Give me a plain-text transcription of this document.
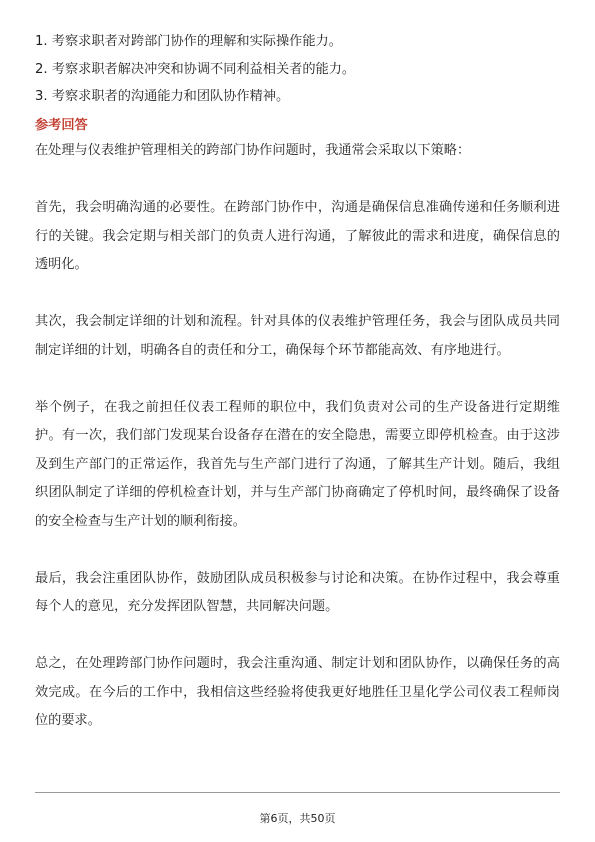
1. 考察求职者对跨部门协作的理解和实际操作能力。
2. 考察求职者解决冲突和协调不同利益相关者的能力。
3. 考察求职者的沟通能力和团队协作精神。
参考回答

在处理与仪表维护管理相关的跨部门协作问题时，我通常会采取以下策略：

首先，我会明确沟通的必要性。在跨部门协作中，沟通是确保信息准确传递和任务顺利进行的关键。我会定期与相关部门的负责人进行沟通，了解彼此的需求和进度，确保信息的透明化。

其次，我会制定详细的计划和流程。针对具体的仪表维护管理任务，我会与团队成员共同制定详细的计划，明确各自的责任和分工，确保每个环节都能高效、有序地进行。

举个例子，在我之前担任仪表工程师的职位中，我们负责对公司的生产设备进行定期维护。有一次，我们部门发现某台设备存在潜在的安全隐患，需要立即停机检查。由于这涉及到生产部门的正常运作，我首先与生产部门进行了沟通，了解其生产计划。随后，我组织团队制定了详细的停机检查计划，并与生产部门协商确定了停机时间，最终确保了设备的安全检查与生产计划的顺利衔接。

最后，我会注重团队协作，鼓励团队成员积极参与讨论和决策。在协作过程中，我会尊重每个人的意见，充分发挥团队智慧，共同解决问题。

总之，在处理跨部门协作问题时，我会注重沟通、制定计划和团队协作，以确保任务的高效完成。在今后的工作中，我相信这些经验将使我更好地胜任卫星化学公司仪表工程师岗位的要求。

第6页，共50页
